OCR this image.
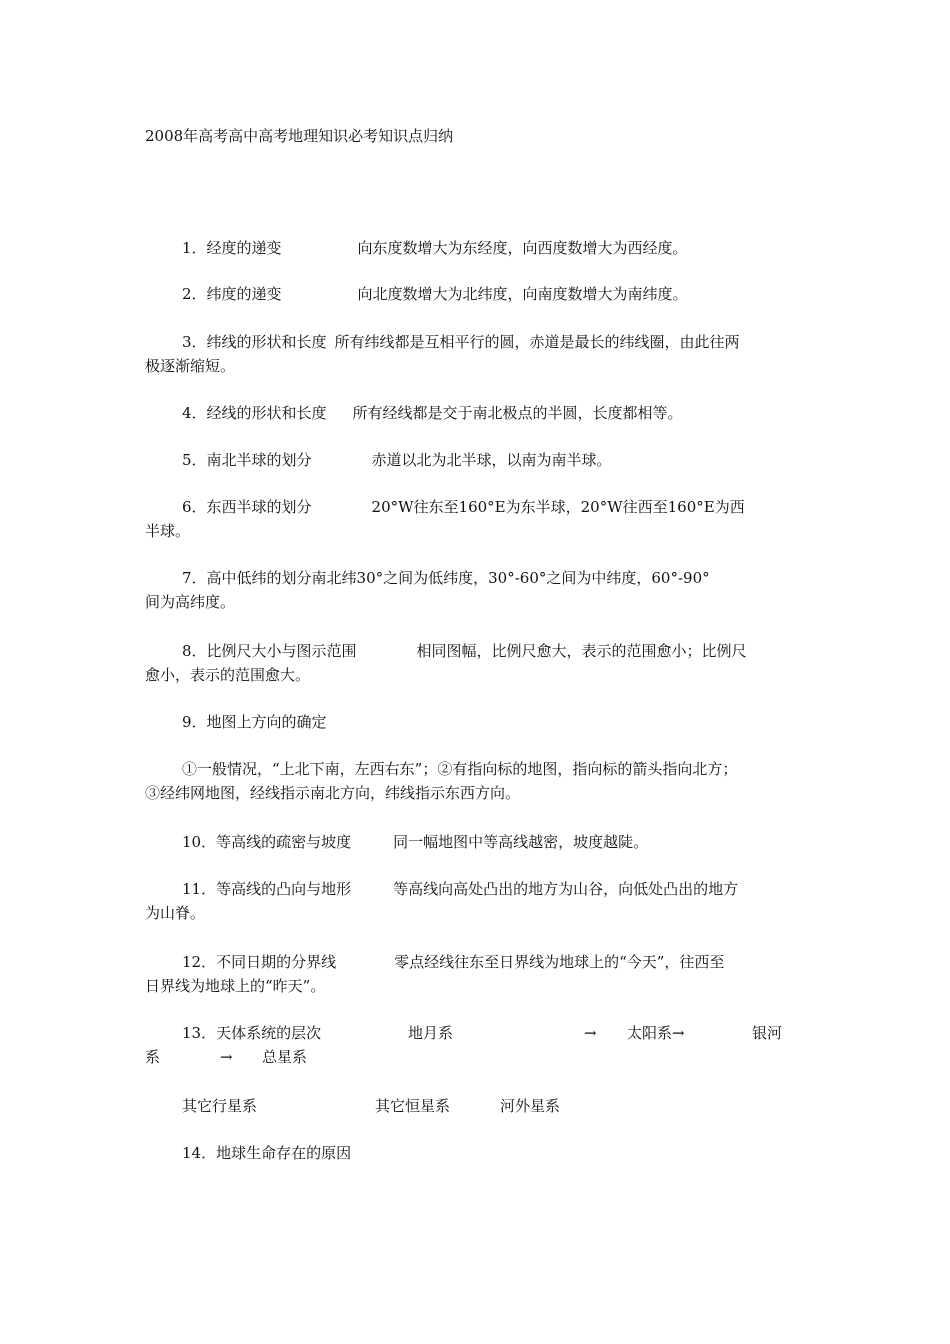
2008年高考高中高考地理知识必考知识点归纳
1．经度的递变	向东度数增大为东经度，向西度数增大为西经度。
2．纬度的递变	向北度数增大为北纬度，向南度数增大为南纬度。
3．纬线的形状和长度 所有纬线都是互相平行的圆，赤道是最长的纬线圈，由此往两
极逐渐缩短。
4．经线的形状和长度 所有经线都是交于南北极点的半圆，长度都相等。
5．南北半球的划分	赤道以北为北半球，以南为南半球。
6．东西半球的划分	20°W往东至160°E为东半球，20°W往西至160°E为西
半球。
7．高中低纬的划分南北纬30°之间为低纬度，30°-60°之间为中纬度，60°-90°
间为高纬度。
8．比例尺大小与图示范围	相同图幅，比例尺愈大，表示的范围愈小；比例尺
愈小，表示的范围愈大。
9．地图上方向的确定
①一般情况，“上北下南，左西右东”；②有指向标的地图，指向标的箭头指向北方；
③经纬网地图，经线指示南北方向，纬线指示东西方向。
10．等高线的疏密与坡度	同一幅地图中等高线越密，坡度越陡。
11．等高线的凸向与地形	等高线向高处凸出的地方为山谷，向低处凸出的地方
为山脊。
12．不同日期的分界线	零点经线往东至日界线为地球上的“今天”，往西至
日界线为地球上的“昨天”。
13．天体系统的层次	地月系	→ 太阳系→	银河
系	→ 总星系
其它行星系	其它恒星系	河外星系
14．地球生命存在的原因
